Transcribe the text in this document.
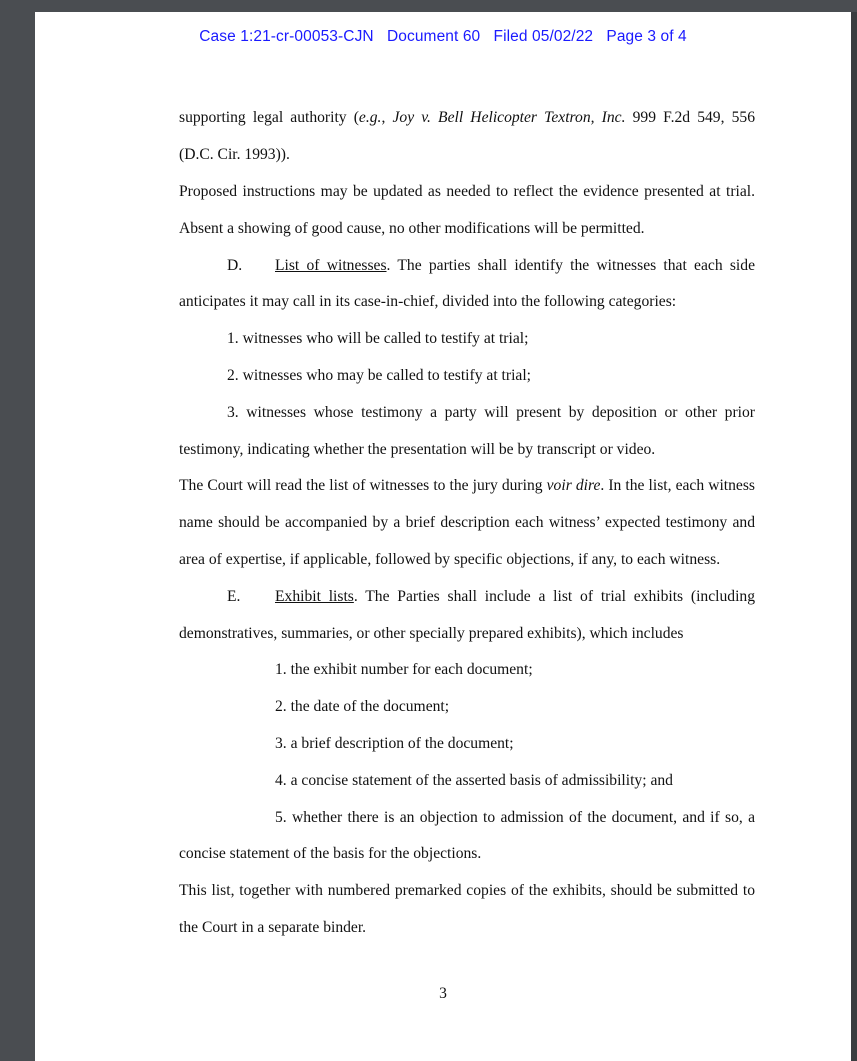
Case 1:21-cr-00053-CJN Document 60 Filed 05/02/22 Page 3 of 4
supporting legal authority (e.g., Joy v. Bell Helicopter Textron, Inc. 999 F.2d 549, 556
(D.C. Cir. 1993)).
Proposed instructions may be updated as needed to reflect the evidence presented at trial.
Absent a showing of good cause, no other modifications will be permitted.
D. List of witnesses. The parties shall identify the witnesses that each side
anticipates it may call in its case-in-chief, divided into the following categories:
1. witnesses who will be called to testify at trial;
2. witnesses who may be called to testify at trial;
3. witnesses whose testimony a party will present by deposition or other prior
testimony, indicating whether the presentation will be by transcript or video.
The Court will read the list of witnesses to the jury during voir dire. In the list, each witness
name should be accompanied by a brief description each witness’ expected testimony and
area of expertise, if applicable, followed by specific objections, if any, to each witness.
E. Exhibit lists. The Parties shall include a list of trial exhibits (including
demonstratives, summaries, or other specially prepared exhibits), which includes
1. the exhibit number for each document;
2. the date of the document;
3. a brief description of the document;
4. a concise statement of the asserted basis of admissibility; and
5. whether there is an objection to admission of the document, and if so, a
concise statement of the basis for the objections.
This list, together with numbered premarked copies of the exhibits, should be submitted to
the Court in a separate binder.
3
